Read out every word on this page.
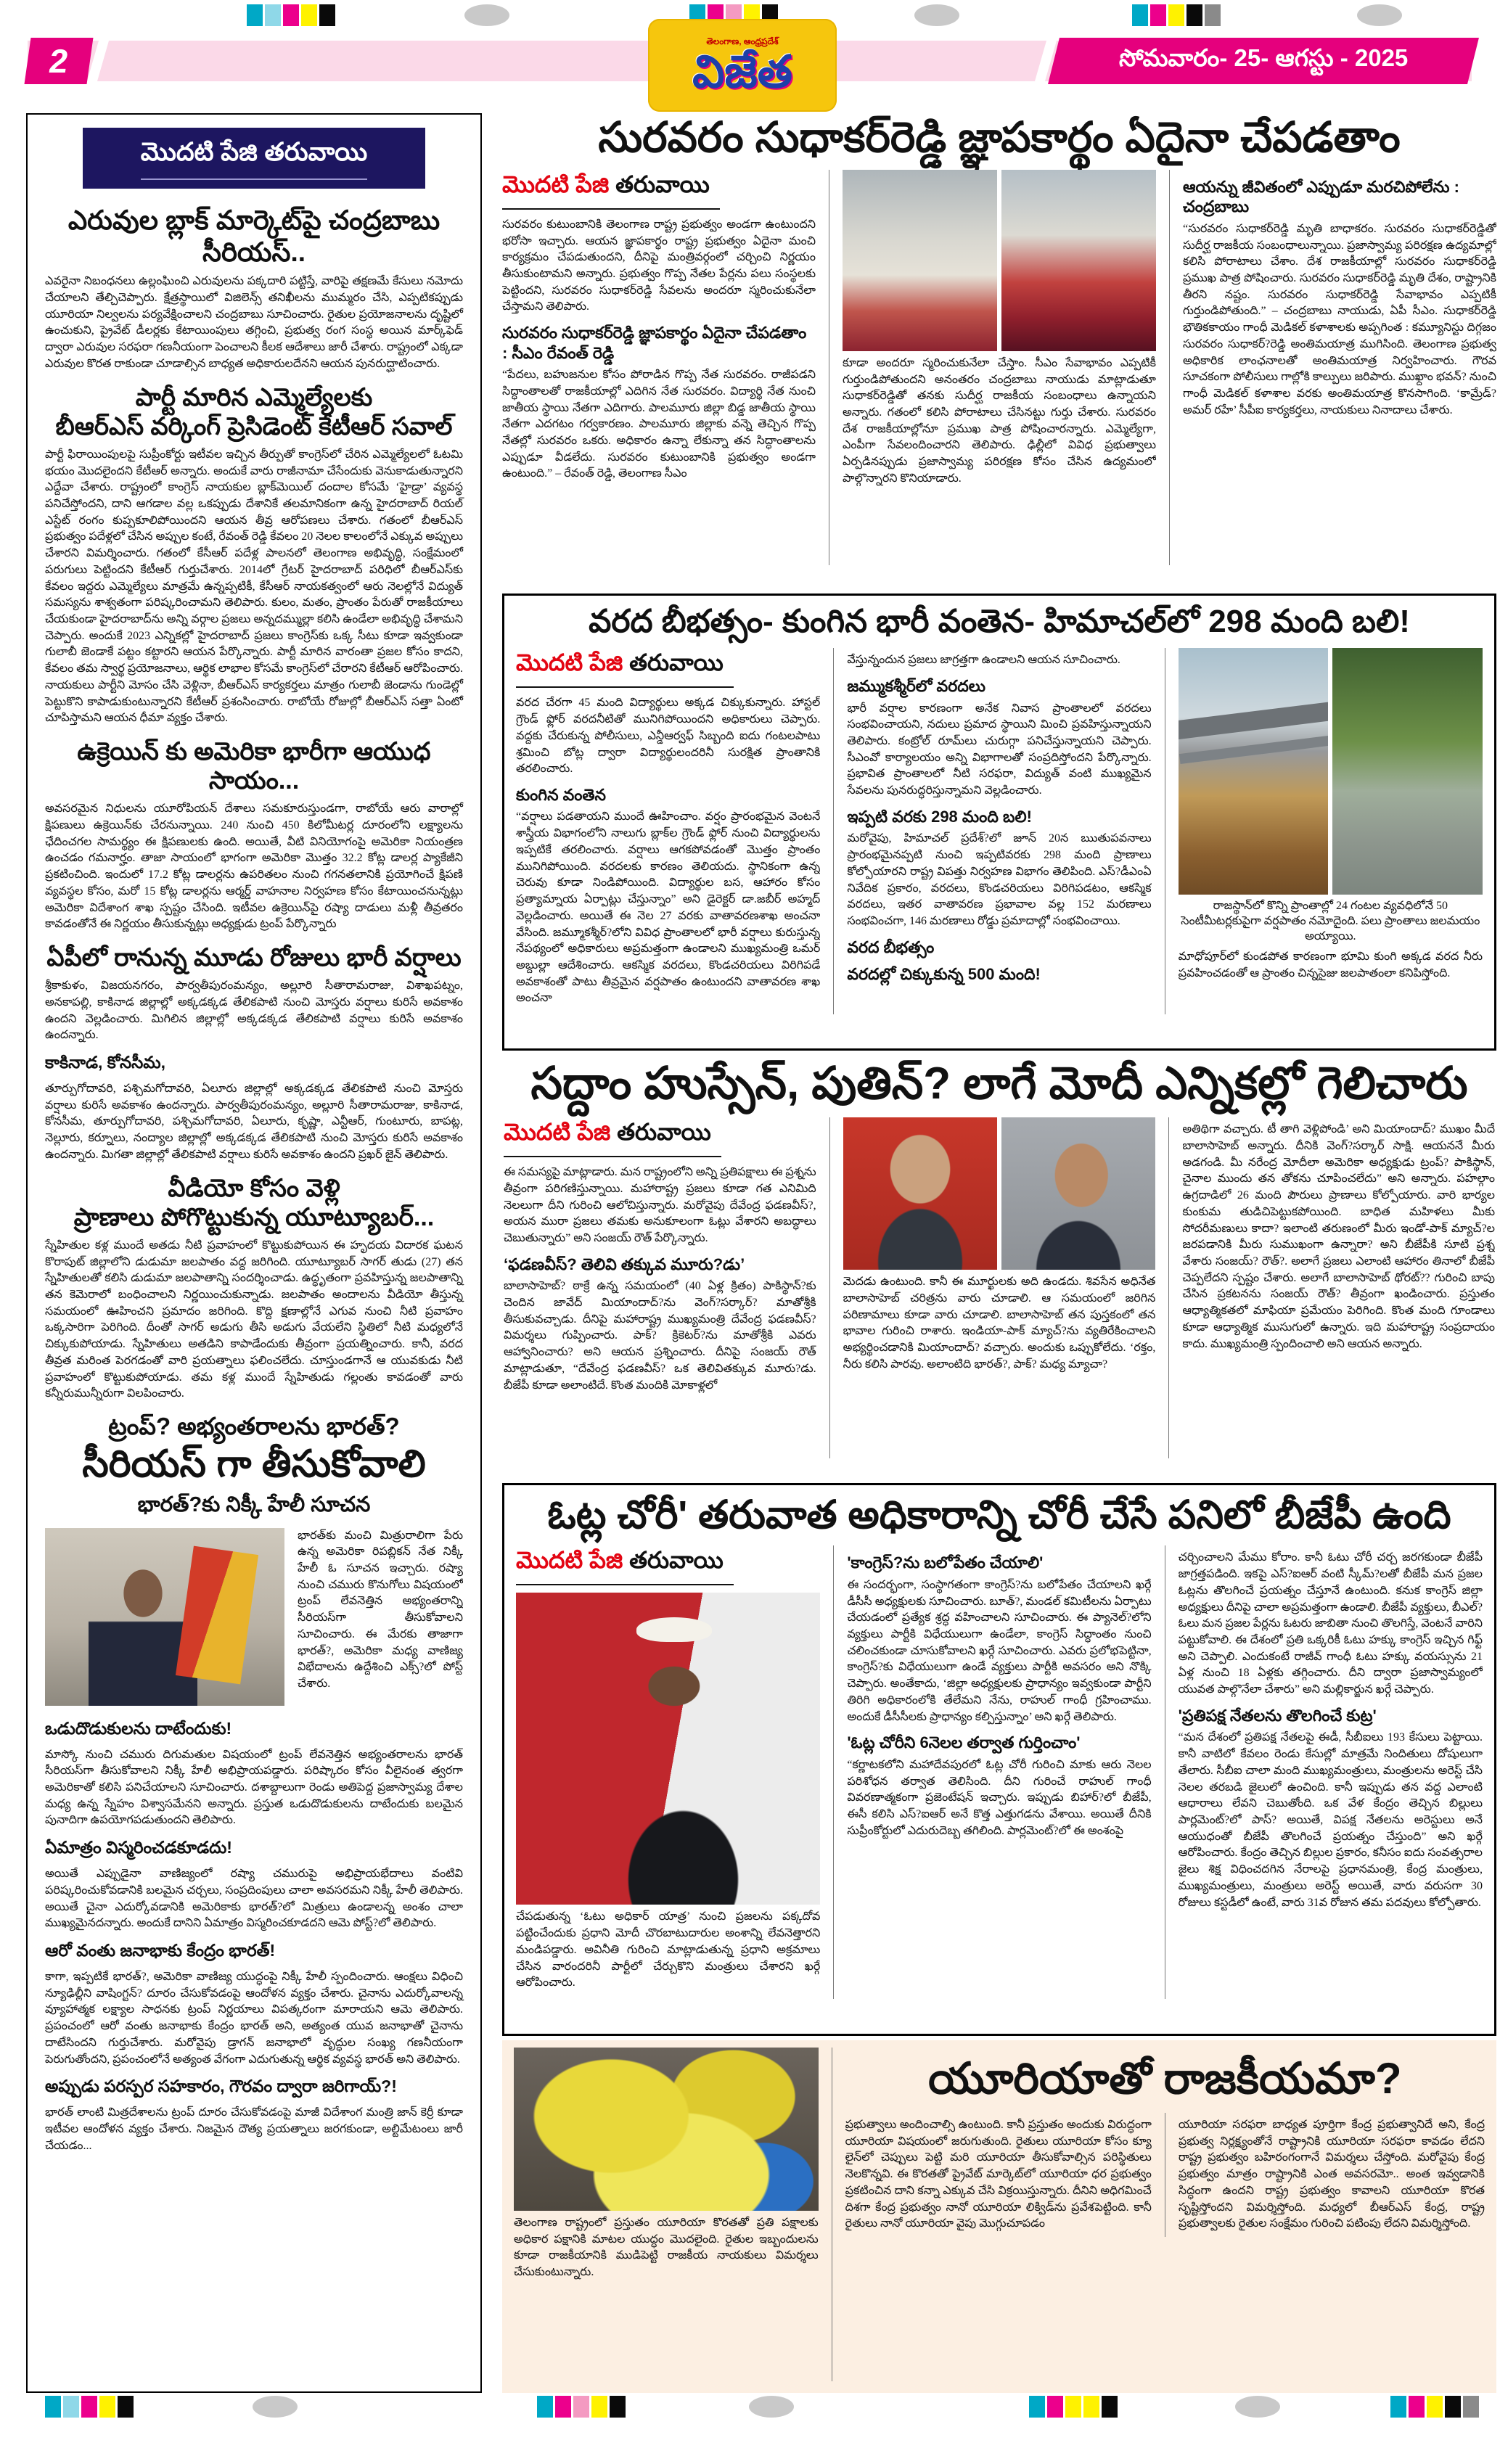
2	సోమవారం- 25- ఆగస్టు - 2025
తెలంగాణ, ఆంధ్రప్రదేశ్
విజేత
మొదటి పేజి తరువాయి
ఎరువుల బ్లాక్ మార్కెట్‌పై చంద్రబాబు సీరియస్..

ఎవరైనా నిబంధనలు ఉల్లంఘించి ఎరువులను పక్కదారి పట్టిస్తే, వారిపై తక్షణమే కేసులు నమోదు చేయాలని తేల్చిచెప్పారు. క్షేత్రస్థాయిలో విజిలెన్స్ తనిఖీలను ముమ్మరం చేసి, ఎప్పటికప్పుడు యూరియా నిల్వలను పర్యవేక్షించాలని చంద్రబాబు సూచించారు. రైతుల ప్రయోజనాలను దృష్టిలో ఉంచుకుని, ప్రైవేట్ డీలర్లకు కేటాయింపులు తగ్గించి, ప్రభుత్వ రంగ సంస్థ అయిన మార్క్‌ఫెడ్ ద్వారా ఎరువుల సరఫరా గణనీయంగా పెంచాలని కీలక ఆదేశాలు జారీ చేశారు. రాష్ట్రంలో ఎక్కడా ఎరువుల కొరత రాకుండా చూడాల్సిన బాధ్యత అధికారులదేనని ఆయన పునరుద్ఘాటించారు.

పార్టీ మారిన ఎమ్మెల్యేలకు
బీఆర్ఎస్ వర్కింగ్ ప్రెసిడెంట్ కేటీఆర్ సవాల్

పార్టీ ఫిరాయింపులపై సుప్రీంకోర్టు ఇటీవల ఇచ్చిన తీర్పుతో కాంగ్రెస్‌లో చేరిన ఎమ్మెల్యేలలో ఓటమి భయం మొదలైందని కేటీఆర్ అన్నారు. అందుకే వారు రాజీనామా చేసేందుకు వెనుకాడుతున్నారని ఎద్దేవా చేశారు. రాష్ట్రంలో కాంగ్రెస్ నాయకుల బ్లాక్‌మెయిల్ దందాల కోసమే ‘హైడ్రా’ వ్యవస్థ పనిచేస్తోందని, దాని ఆగడాల వల్ల ఒకప్పుడు దేశానికే తలమానికంగా ఉన్న హైదరాబాద్ రియల్ ఎస్టేట్ రంగం కుప్పకూలిపోయిందని ఆయన తీవ్ర ఆరోపణలు చేశారు. గతంలో బీఆర్ఎస్ ప్రభుత్వం పదేళ్లలో చేసిన అప్పుల కంటే, రేవంత్ రెడ్డి కేవలం 20 నెలల కాలంలోనే ఎక్కువ అప్పులు చేశారని విమర్శించారు. గతంలో కేసీఆర్ పదేళ్ల పాలనలో తెలంగాణ అభివృద్ధి, సంక్షేమంలో పరుగులు పెట్టిందని కేటీఆర్ గుర్తుచేశారు. 2014లో గ్రేటర్ హైదరాబాద్ పరిధిలో బీఆర్ఎస్‌కు కేవలం ఇద్దరు ఎమ్మెల్యేలు మాత్రమే ఉన్నప్పటికీ, కేసీఆర్ నాయకత్వంలో ఆరు నెలల్లోనే విద్యుత్ సమస్యను శాశ్వతంగా పరిష్కరించామని తెలిపారు. కులం, మతం, ప్రాంతం పేరుతో రాజకీయాలు చేయకుండా హైదరాబాద్‌ను అన్ని వర్గాల ప్రజలు అన్నదమ్ముల్లా కలిసి ఉండేలా అభివృద్ధి చేశామని చెప్పారు. అందుకే 2023 ఎన్నికల్లో హైదరాబాద్ ప్రజలు కాంగ్రెస్‌కు ఒక్క సీటు కూడా ఇవ్వకుండా గులాబీ జెండాకే పట్టం కట్టారని ఆయన పేర్కొన్నారు. పార్టీ మారిన వారంతా ప్రజల కోసం కాదని, కేవలం తమ స్వార్థ ప్రయోజనాలు, ఆర్థిక లాభాల కోసమే కాంగ్రెస్‌లో చేరారని కేటీఆర్ ఆరోపించారు. నాయకులు పార్టీని మోసం చేసి వెళ్లినా, బీఆర్ఎస్ కార్యకర్తలు మాత్రం గులాబీ జెండాను గుండెల్లో పెట్టుకొని కాపాడుకుంటున్నారని కేటీఆర్ ప్రశంసించారు. రాబోయే రోజుల్లో బీఆర్ఎస్ సత్తా ఏంటో చూపిస్తామని ఆయన ధీమా వ్యక్తం చేశారు.

ఉక్రెయిన్ కు అమెరికా భారీగా ఆయుధ సాయం...

అవసరమైన నిధులను యూరోపియన్ దేశాలు సమకూరుస్తుండగా, రాబోయే ఆరు వారాల్లో క్షిపణులు ఉక్రెయిన్‌కు చేరనున్నాయి. 240 నుంచి 450 కిలోమీటర్ల దూరంలోని లక్ష్యాలను ఛేదించగల సామర్థ్యం ఈ క్షిపణులకు ఉంది. అయితే, వీటి వినియోగంపై అమెరికా నియంత్రణ ఉంచడం గమనార్హం. తాజా సాయంలో భాగంగా అమెరికా మొత్తం 32.2 కోట్ల డాలర్ల ప్యాకేజీని ప్రకటించింది. ఇందులో 17.2 కోట్ల డాలర్లను ఉపరితలం నుంచి గగనతలానికి ప్రయోగించే క్షిపణి వ్యవస్థల కోసం, మరో 15 కోట్ల డాలర్లను ఆర్మర్డ్ వాహనాల నిర్వహణ కోసం కేటాయించనున్నట్లు అమెరికా విదేశాంగ శాఖ స్పష్టం చేసింది. ఇటీవల ఉక్రెయిన్‌పై రష్యా దాడులు మళ్లీ తీవ్రతరం కావడంతోనే ఈ నిర్ణయం తీసుకున్నట్లు అధ్యక్షుడు ట్రంప్ పేర్కొన్నారు

ఏపీలో రానున్న మూడు రోజులు భారీ వర్షాలు

శ్రీకాకుళం, విజయనగరం, పార్వతీపురంమన్యం, అల్లూరి సీతారామరాజు, విశాఖపట్నం, అనకాపల్లి, కాకినాడ జిల్లాల్లో అక్కడక్కడ తేలికపాటి నుంచి మోస్తరు వర్షాలు కురిసే అవకాశం ఉందని వెల్లడించారు. మిగిలిన జిల్లాల్లో అక్కడక్కడ తేలికపాటి వర్షాలు కురిసే అవకాశం ఉందన్నారు.

కాకినాడ, కోనసీమ,

తూర్పుగోదావరి, పశ్చిమగోదావరి, ఏలూరు జిల్లాల్లో అక్కడక్కడ తేలికపాటి నుంచి మోస్తరు వర్షాలు కురిసే అవకాశం ఉందన్నారు. పార్వతీపురంమన్యం, అల్లూరి సీతారామరాజు, కాకినాడ, కోనసీమ, తూర్పుగోదావరి, పశ్చిమగోదావరి, ఏలూరు, కృష్ణా, ఎన్టీఆర్, గుంటూరు, బాపట్ల, నెల్లూరు, కర్నూలు, నంద్యాల జిల్లాల్లో అక్కడక్కడ తేలికపాటి నుంచి మోస్తరు కురిసే అవకాశం ఉందన్నారు. మిగతా జిల్లాల్లో తేలికపాటి వర్షాలు కురిసే అవకాశం ఉందని ప్రఖర్ జైన్ తెలిపారు.

వీడియో కోసం వెళ్లి
ప్రాణాలు పోగొట్టుకున్న యూట్యూబర్...

స్నేహితుల కళ్ల ముందే అతడు నీటి ప్రవాహంలో కొట్టుకుపోయిన ఈ హృదయ విదారక ఘటన కొరాపుట్ జిల్లాలోని డుడుమా జలపాతం వద్ద జరిగింది. యూట్యూబర్ సాగర్ తుడు (27) తన స్నేహితులతో కలిసి డుడుమా జలపాతాన్ని సందర్శించాడు. ఉద్ధృతంగా ప్రవహిస్తున్న జలపాతాన్ని తన కెమెరాలో బంధించాలని నిర్ణయించుకున్నాడు. జలపాతం అందాలను వీడియో తీస్తున్న సమయంలో ఊహించని ప్రమాదం జరిగింది. కొద్ది క్షణాల్లోనే ఎగువ నుంచి నీటి ప్రవాహం ఒక్కసారిగా పెరిగింది. దీంతో సాగర్ అడుగు తీసి అడుగు వేయలేని స్థితిలో నీటి మధ్యలోనే చిక్కుకుపోయాడు. స్నేహితులు అతడిని కాపాడేందుకు తీవ్రంగా ప్రయత్నించారు. కానీ, వరద తీవ్రత మరింత పెరగడంతో వారి ప్రయత్నాలు ఫలించలేదు. చూస్తుండగానే ఆ యువకుడు నీటి ప్రవాహంలో కొట్టుకుపోయాడు. తమ కళ్ల ముందే స్నేహితుడు గల్లంతు కావడంతో వారు కన్నీరుమున్నీరుగా విలపించారు.

ట్రంప్? అభ్యంతరాలను భారత్?
సీరియస్ గా తీసుకోవాలి
భారత్?కు నిక్కీ హేలీ సూచన

భారత్‌కు మంచి మిత్రురాలిగా పేరు ఉన్న అమెరికా రిపబ్లికన్ నేత నిక్కీ హేలీ ఓ సూచన ఇచ్చారు. రష్యా నుంచి చమురు కొనుగోలు విషయంలో ట్రంప్ లేవనెత్తిన అభ్యంతరాన్ని సీరియస్‌గా తీసుకోవాలని సూచించారు. ఈ మేరకు తాజాగా భారత్?, అమెరికా మధ్య వాణిజ్య విభేదాలను ఉద్దేశించి ఎక్స్?లో పోస్ట్ చేశారు.

ఒడుదొడుకులను దాటేందుకు!

మాస్కో నుంచి చమురు దిగుమతుల విషయంలో ట్రంప్ లేవనెత్తిన అభ్యంతరాలను భారత్ సీరియస్‌గా తీసుకోవాలని నిక్కీ హేలీ అభిప్రాయపడ్డారు. పరిష్కారం కోసం వీలైనంత త్వరగా అమెరికాతో కలిసి పనిచేయాలని సూచించారు. దశాబ్దాలుగా రెండు అతిపెద్ద ప్రజాస్వామ్య దేశాల మధ్య ఉన్న స్నేహం విశ్వాసమేనని అన్నారు. ప్రస్తుత ఒడుదొడుకులను దాటేందుకు బలమైన పునాదిగా ఉపయోగపడుతుందని తెలిపారు.

ఏమాత్రం విస్మరించడకూడదు!

అయితే ఎప్పుడైనా వాణిజ్యంలో రష్యా చమురుపై అభిప్రాయభేదాలు వంటివి పరిష్కరించుకోవడానికి బలమైన చర్చలు, సంప్రదింపులు చాలా అవసరమని నిక్కీ హేలీ తెలిపారు. అయితే చైనా ఎదుర్కోవడానికి అమెరికాకు భారత్?లో మిత్రులు ఉండాలన్న అంశం చాలా ముఖ్యమైనదన్నారు. అందుకే దానిని ఏమాత్రం విస్మరించకూడదని ఆమె పోస్ట్?లో తెలిపారు.

ఆరో వంతు జనాభాకు కేంద్రం భారత్!

కాగా, ఇప్పటికే భారత్?, అమెరికా వాణిజ్య యుద్ధంపై నిక్కీ హేలీ స్పందించారు. ఆంక్షలు విధించి న్యూఢిల్లీని వాషింగ్టన్? దూరం చేసుకోవడంపై ఆందోళన వ్యక్తం చేశారు. చైనాను ఎదుర్కోవాలన్న వ్యూహాత్మక లక్ష్యాల సాధనకు ట్రంప్ నిర్ణయాలు విపత్కరంగా మారాయని ఆమె తెలిపారు. ప్రపంచంలో ఆరో వంతు జనాభాకు కేంద్రం భారత్ అని, అత్యంత యువ జనాభాతో చైనాను దాటేసిందని గుర్తుచేశారు. మరోవైపు డ్రాగన్ జనాభాలో వృద్ధుల సంఖ్య గణనీయంగా పెరుగుతోందని, ప్రపంచంలోనే అత్యంత వేగంగా ఎదుగుతున్న ఆర్థిక వ్యవస్థ భారత్ అని తెలిపారు.

అప్పుడు పరస్పర సహకారం, గౌరవం ద్వారా జరిగాయ్?!

భారత్ లాంటి మిత్రదేశాలను ట్రంప్ దూరం చేసుకోవడంపై మాజీ విదేశాంగ మంత్రి జాన్ కెర్రీ కూడా ఇటీవల ఆందోళన వ్యక్తం చేశారు. నిజమైన దౌత్య ప్రయత్నాలు జరగకుండా, అల్టిమేటంలు జారీ చేయడం...

సురవరం సుధాకర్‌రెడ్డి జ్ఞాపకార్థం ఏదైనా చేపడతాం
మొదటి పేజి తరువాయి

సురవరం కుటుంబానికి తెలంగాణ రాష్ట్ర ప్రభుత్వం అండగా ఉంటుందని భరోసా ఇచ్చారు. ఆయన జ్ఞాపకార్థం రాష్ట్ర ప్రభుత్వం ఏదైనా మంచి కార్యక్రమం చేపడుతుందని, దీనిపై మంత్రివర్గంలో చర్చించి నిర్ణయం తీసుకుంటామని అన్నారు. ప్రభుత్వం గొప్ప నేతల పేర్లను పలు సంస్థలకు పెట్టిందని, సురవరం సుధాకర్‌రెడ్డి సేవలను అందరూ స్మరించుకునేలా చేస్తామని తెలిపారు.

సురవరం సుధాకర్‌రెడ్డి జ్ఞాపకార్థం ఏదైనా చేపడతాం : సీఎం రేవంత్ రెడ్డి

“పేదలు, బహుజనుల కోసం పోరాడిన గొప్ప నేత సురవరం. రాజీపడని సిద్ధాంతాలతో రాజకీయాల్లో ఎదిగిన నేత సురవరం. విద్యార్థి నేత నుంచి జాతీయ స్థాయి నేతగా ఎదిగారు. పాలమూరు జిల్లా బిడ్డ జాతీయ స్థాయి నేతగా ఎదగటం గర్వకారణం. పాలమూరు జిల్లాకు వన్నె తెచ్చిన గొప్ప నేతల్లో సురవరం ఒకరు. అధికారం ఉన్నా లేకున్నా తన సిద్ధాంతాలను ఎప్పుడూ వీడలేదు. సురవరం కుటుంబానికి ప్రభుత్వం అండగా ఉంటుంది.” – రేవంత్ రెడ్డి, తెలంగాణ సీఎం

కూడా అందరూ స్మరించుకునేలా చేస్తాం. సీఎం సేవాభావం ఎప్పటికీ గుర్తుండిపోతుందని అనంతరం చంద్రబాబు నాయుడు మాట్లాడుతూ సుధాకర్‌రెడ్డితో తనకు సుదీర్ఘ రాజకీయ సంబంధాలు ఉన్నాయని అన్నారు. గతంలో కలిసి పోరాటాలు చేసినట్టు గుర్తు చేశారు. సురవరం దేశ రాజకీయాల్లోనూ ప్రముఖ పాత్ర పోషించారన్నారు. ఎమ్మెల్యేగా, ఎంపీగా సేవలందించారని తెలిపారు. ఢిల్లీలో వివిధ ప్రభుత్వాలు ఏర్పడినప్పుడు ప్రజాస్వామ్య పరిరక్షణ కోసం చేసిన ఉద్యమంలో పాల్గొన్నారని కొనియాడారు.

ఆయన్ను జీవితంలో ఎప్పుడూ మరచిపోలేను : చంద్రబాబు

“సురవరం సుధాకర్‌రెడ్డి మృతి బాధాకరం. సురవరం సుధాకర్‌రెడ్డితో సుదీర్ఘ రాజకీయ సంబంధాలున్నాయి. ప్రజాస్వామ్య పరిరక్షణ ఉద్యమాల్లో కలిసి పోరాటాలు చేశాం. దేశ రాజకీయాల్లో సురవరం సుధాకర్‌రెడ్డి ప్రముఖ పాత్ర పోషించారు. సురవరం సుధాకర్‌రెడ్డి మృతి దేశం, రాష్ట్రానికి తీరని నష్టం. సురవరం సుధాకర్‌రెడ్డి సేవాభావం ఎప్పటికీ గుర్తుండిపోతుంది.” – చంద్రబాబు నాయుడు, ఏపీ సీఎం. సుధాకర్‌రెడ్డి భౌతికకాయం గాంధీ మెడికల్ కళాశాలకు అప్పగింత : కమ్యూనిస్టు దిగ్గజం సురవరం సుధాకర్?రెడ్డి అంతిమయాత్ర ముగిసింది. తెలంగాణ ప్రభుత్వ అధికారిక లాంఛనాలతో అంతిమయాత్ర నిర్వహించారు. గౌరవ సూచకంగా పోలీసులు గాల్లోకి కాల్పులు జరిపారు. ముఖ్దాం భవన్? నుంచి గాంధీ మెడికల్ కళాశాల వరకు అంతిమయాత్ర కొనసాగింది. ‘కామ్రేడ్? అమర్ రహే’ సీపీఐ కార్యకర్తలు, నాయకులు నినాదాలు చేశారు.

వరద బీభత్సం- కుంగిన భారీ వంతెన- హిమాచల్‌లో 298 మంది బలి!
మొదటి పేజి తరువాయి

వరద చేరగా 45 మంది విద్యార్థులు అక్కడ చిక్కుకున్నారు. హాస్టల్ గ్రౌండ్ ఫ్లోర్ వరదనీటితో మునిగిపోయిందని అధికారులు చెప్పారు. వద్దకు చేరుకున్న పోలీసులు, ఎన్డీఆర్వఫ్ సిబ్బంది ఐదు గంటలపాటు శ్రమించి బోట్ల ద్వారా విద్యార్థులందరినీ సురక్షిత ప్రాంతానికి తరలించారు.

కుంగిన వంతెన

“వర్షాలు పడతాయని ముందే ఊహించాం. వర్షం ప్రారంభమైన వెంటనే శాస్త్రీయ విభాగంలోని నాలుగు బ్లాక్‌ల గ్రౌండ్ ఫ్లోర్ నుంచి విద్యార్థులను ఇప్పటికే తరలించారు. వర్షాలు ఆగకపోవడంతో మొత్తం ప్రాంతం మునిగిపోయింది. వరదలకు కారణం తెలియదు. స్థానికంగా ఉన్న చెరువు కూడా నిండిపోయింది. విద్యార్థుల బస, ఆహారం కోసం ప్రత్యామ్నాయ ఏర్పాట్లు చేస్తున్నాం” అని డైరెక్టర్ డా.జబీర్ అహ్మద్ వెల్లడించారు. అయితే ఈ నెల 27 వరకు వాతావరణశాఖ అంచనా వేసింది. జమ్మూకశ్మీర్?లోని వివిధ ప్రాంతాలలో భారీ వర్షాలు కురుస్తున్న నేపథ్యంలో అధికారులు అప్రమత్తంగా ఉండాలని ముఖ్యమంత్రి ఒమర్ అబ్దుల్లా ఆదేశించారు. ఆకస్మిక వరదలు, కొండచరియలు విరిగిపడే అవకాశంతో పాటు తీవ్రమైన వర్షపాతం ఉంటుందని వాతావరణ శాఖ అంచనా

వేస్తున్నందున ప్రజలు జాగ్రత్తగా ఉండాలని ఆయన సూచించారు.

జమ్ముకశ్మీర్‌లో వరదలు

భారీ వర్షాల కారణంగా అనేక నివాస ప్రాంతాలలో వరదలు సంభవించాయని, నదులు ప్రమాద స్థాయిని మించి ప్రవహిస్తున్నాయని తెలిపారు. కంట్రోల్ రూమ్‌లు చురుగ్గా పనిచేస్తున్నాయని చెప్పారు. సీఎంవో కార్యాలయం అన్ని విభాగాలతో సంప్రదిస్తోందని పేర్కొన్నారు. ప్రభావిత ప్రాంతాలలో నీటి సరఫరా, విద్యుత్ వంటి ముఖ్యమైన సేవలను పునరుద్ధరిస్తున్నామని వెల్లడించారు.

ఇప్పటి వరకు 298 మంది బలి!

మరోవైపు, హిమాచల్ ప్రదేశ్?లో జూన్ 20న ఋతుపవనాలు ప్రారంభమైనప్పటి నుంచి ఇప్పటివరకు 298 మంది ప్రాణాలు కోల్పోయారని రాష్ట్ర విపత్తు నిర్వహణ విభాగం తెలిపింది. ఎస్?డీఎంఏ నివేదిక ప్రకారం, వరదలు, కొండచరియలు విరిగిపడటం, ఆకస్మిక వరదలు, ఇతర వాతావరణ ప్రభావాల వల్ల 152 మరణాలు సంభవించగా, 146 మరణాలు రోడ్డు ప్రమాదాల్లో సంభవించాయి.

వరద బీభత్సం
వరదల్లో చిక్కుకున్న 500 మంది!
రాజస్థాన్‌లో కొన్ని ప్రాంతాల్లో 24 గంటల వ్యవధిలోనే 50 సెంటీమీటర్లకుపైగా వర్షపాతం నమోదైంది. పలు ప్రాంతాలు జలమయం అయ్యాయి.

మాధోపూర్‌లో కుండపోత కారణంగా భూమి కుంగి అక్కడ వరద నీరు ప్రవహించడంతో ఆ ప్రాంతం చిన్నసైజు జలపాతంలా కనిపిస్తోంది.

సద్దాం హుస్సేన్, పుతిన్? లాగే మోదీ ఎన్నికల్లో గెలిచారు
మొదటి పేజి తరువాయి

ఈ సమస్యపై మాట్లాడారు. మన రాష్ట్రంలోని అన్ని ప్రతిపక్షాలు ఈ ప్రశ్నను తీవ్రంగా పరిగణిస్తున్నాయి. మహారాష్ట్ర ప్రజలు కూడా గత ఎనిమిది నెలలుగా దీని గురించి ఆలోచిస్తున్నారు. మరోవైపు దేవేంద్ర ఫడణవీస్?, అయన మురా ప్రజలు తమకు అనుకూలంగా ఓట్లు వేశారని అబద్ధాలు చెబుతున్నారు” అని సంజయ్ రౌత్ పేర్కొన్నారు.

‘ఫడణవీస్? తెలివి తక్కువ మూరు?డు’

బాలాసాహెబ్? ఠాక్రే ఉన్న సమయంలో (40 ఏళ్ల క్రితం) పాకిస్థాన్?కు చెందిన జావేద్ మియాందాద్?ను వెంగ్?సర్కార్? మాతోశ్రీకి తీసుకువచ్చాడు. దీనిపై మహారాష్ట్ర ముఖ్యమంత్రి దేవేంద్ర ఫడణవీస్? విమర్శలు గుప్పించారు. పాక్? క్రికెటర్?ను మాతోశ్రీకి ఎవరు ఆహ్వానించారు? అని ఆయన ప్రశ్నించారు. దీనిపై సంజయ్ రౌత్ మాట్లాడుతూ, “దేవేంద్ర ఫడణవీస్? ఒక తెలివితక్కువ మూరు?డు. బీజేపీ కూడా అలాంటిదే. కొంత మందికి మోకాళ్లలో

మెదడు ఉంటుంది. కానీ ఈ మూర్ఖులకు అది ఉండదు. శివసేన అధినేత బాలాసాహెబ్ చరిత్రను వారు చూడాలి. ఆ సమయంలో జరిగిన పరిణామాలు కూడా వారు చూడాలి. బాలాసాహెబ్ తన పుస్తకంలో తన భావాల గురించి రాశారు. ఇండియా-పాక్ మ్యాచ్?ను వ్యతిరేకించాలని అభ్యర్థించడానికి మియాందాద్? వచ్చారు. అందుకు ఒప్పుకోలేదు. ‘రక్తం, నీరు కలిసి పారవు. అలాంటిది భారత్?, పాక్? మధ్య మ్యాచా?

అతిథిగా వచ్చారు. టీ తాగి వెళ్లిపోండి’ అని మియాందాద్? ముఖం మీదే బాలాసాహెబ్ అన్నారు. దీనికి వెంగ్?సర్కార్ సాక్షి. ఆయననే మీరు అడగండి. మీ నరేంద్ర మోదీలా అమెరికా అధ్యక్షుడు ట్రంప్? పాకిస్థాన్, చైనాల ముందు తన తోకను చూపించలేదు” అని అన్నారు. పహల్గాం ఉగ్రదాడిలో 26 మంది పౌరులు ప్రాణాలు కోల్పోయారు. వారి భార్యల కుంకుమ తుడిచిపెట్టుకపోయింది. బాధిత మహిళలు మీకు సోదరీమణులు కాదా? ఇలాంటి తరుణంలో మీరు ఇండో-పాక్ మ్యాచ్?ల జరపడానికి మీరు సుముఖంగా ఉన్నారా? అని బీజేపీకి సూటి ప్రశ్న వేశారు సంజయ్? రౌత్?. అలాగే ప్రజలు ఎలాంటి ఆహారం తినాలో బీజేపీ చెప్పలేదని స్పష్టం చేశారు. అలాగే బాలాసాహెబ్ థోరట్?? గురించి బాపు చేసిన ప్రకటనను సంజయ్ రౌత్? తీవ్రంగా ఖండించారు. ప్రస్తుతం ఆధ్యాత్మికతలో మాఫియా ప్రమేయం పెరిగింది. కొంత మంది గూండాలు కూడా ఆధ్యాత్మిక ముసుగులో ఉన్నారు. ఇది మహారాష్ట్ర సంప్రదాయం కాదు. ముఖ్యమంత్రి స్పందించాలి అని ఆయన అన్నారు.

ఓట్ల చోరీ' తరువాత అధికారాన్ని చోరీ చేసే పనిలో బీజేపీ ఉంది
మొదటి పేజి తరువాయి

చేపడుతున్న ‘ఓటు అధికార్ యాత్ర’ నుంచి ప్రజలను పక్కదోవ పట్టించేందుకు ప్రధాని మోదీ చొరబాటుదారుల అంశాన్ని లేవనెత్తారని మండిపడ్డారు. అవినీతి గురించి మాట్లాడుతున్న ప్రధాని అక్రమాలు చేసిన వారందరినీ పార్టీలో చేర్చుకొని మంత్రులు చేశారని ఖర్గే ఆరోపించారు.

'కాంగ్రెస్?ను బలోపేతం చేయాలి'

ఈ సందర్భంగా, సంస్థాగతంగా కాంగ్రెస్?ను బలోపేతం చేయాలని ఖర్గే డీసీసీ అధ్యక్షులకు సూచించారు. బూత్?, మండల్ కమిటీలను ఏర్పాటు చేయడంలో ప్రత్యేక శ్రద్ధ వహించాలని సూచించారు. ఈ ప్యానెల్?లోని వ్యక్తులు పార్టీకి విధేయులుగా ఉండేలా, కాంగ్రెస్ సిద్ధాంతం నుంచి చలించకుండా చూసుకోవాలని ఖర్గే సూచించారు. ఎవరు ప్రలోభపెట్టినా, కాంగ్రెస్?కు విధేయులుగా ఉండే వ్యక్తులు పార్టీకి అవసరం అని నొక్కి చెప్పారు. అంతేకాదు, ‘జిల్లా అధ్యక్షులకు ప్రాధాన్యం ఇవ్వకుండా పార్టీని తిరిగి అధికారంలోకి తేలేమని నేను, రాహుల్ గాంధీ గ్రహించాము. అందుకే డీసీసీలకు ప్రాధాన్యం కల్పిస్తున్నాం’ అని ఖర్గే తెలిపారు.

'ఓట్ల చోరీని 6నెలల తర్వాత గుర్తించాం'

“కర్ణాటకలోని మహాదేవపురలో ఓట్ల చోరీ గురించి మాకు ఆరు నెలల పరిశోధన తర్వాత తెలిసింది. దీని గురించే రాహుల్ గాంధీ వివరణాత్మకంగా ప్రజెంటేషన్ ఇచ్చారు. ఇప్పుడు బిహార్?లో బీజేపీ, ఈసీ కలిసి ఎస్?ఐఆర్ అనే కొత్త ఎత్తుగడను వేశాయి. అయితే దీనికి సుప్రీంకోర్టులో ఎదురుదెబ్బ తగిలింది. పార్లమెంట్?లో ఈ అంశంపై

చర్చించాలని మేము కోరాం. కానీ ఓటు చోరీ చర్చ జరగకుండా బీజేపీ జాగ్రత్తపడింది. ఇకపై ఎస్?ఐఆర్ వంటి స్కీమ్?లతో బీజేపీ మన ప్రజల ఓట్లను తొలగించే ప్రయత్నం చేస్తూనే ఉంటుంది. కనుక కాంగ్రెస్ జిల్లా అధ్యక్షులు దీనిపై చాలా అప్రమత్తంగా ఉండాలి. బీజేపీ వ్యక్తులు, బీఎల్?ఓలు మన ప్రజల పేర్లను ఓటరు జాబితా నుంచి తొలగిస్తే, వెంటనే వారిని పట్టుకోవాలి. ఈ దేశంలో ప్రతి ఒక్కరికీ ఓటు హక్కు కాంగ్రెస్ ఇచ్చిన గిఫ్ట్ అని చెప్పాలి. ఎందుకంటే రాజీవ్ గాంధీ ఓటు హక్కు వయస్సును 21 ఏళ్ల నుంచి 18 ఏళ్లకు తగ్గించారు. దీని ద్వారా ప్రజాస్వామ్యంలో యువత పాల్గొనేలా చేశారు” అని మల్లికార్జున ఖర్గే చెప్పారు.

'ప్రతిపక్ష నేతలను తొలగించే కుట్ర'

“మన దేశంలో ప్రతిపక్ష నేతలపై ఈడీ, సీబీఐలు 193 కేసులు పెట్టాయి. కానీ వాటిలో కేవలం రెండు కేసుల్లో మాత్రమే నిందితులు దోషులుగా తేలారు. సీబీఐ చాలా మంది ముఖ్యమంత్రులు, మంత్రులను అరెస్ట్ చేసి నెలల తరబడి జైలులో ఉంచింది. కానీ ఇప్పుడు తన వద్ద ఎలాంటి ఆధారాలు లేవని చెబుతోంది. ఒక వేళ కేంద్రం తెచ్చిన బిల్లులు పార్లమెంట్?లో పాస్? అయితే, విపక్ష నేతలను అరెస్టులు అనే ఆయుధంతో బీజేపీ తొలగించే ప్రయత్నం చేస్తుంది” అని ఖర్గే ఆరోపించారు. కేంద్రం తెచ్చిన బిల్లుల ప్రకారం, కనీసం ఐదు సంవత్సరాల జైలు శిక్ష విధించదగిన నేరాలపై ప్రధానమంత్రి, కేంద్ర మంత్రులు, ముఖ్యమంత్రులు, మంత్రులు అరెస్ట్ అయితే, వారు వరుసగా 30 రోజులు కస్టడీలో ఉంటే, వారు 31వ రోజున తమ పదవులు కోల్పోతారు.

తెలంగాణ రాష్ట్రంలో ప్రస్తుతం యూరియా కొరతతో ప్రతి పక్షాలకు అధికార పక్షానికి మాటల యుద్ధం మొదలైంది. రైతుల ఇబ్బందులను కూడా రాజకీయానికి ముడిపెట్టి రాజకీయ నాయకులు విమర్శలు చేసుకుంటున్నారు.

యూరియాతో రాజకీయమా?

ప్రభుత్వాలు అందించాల్సి ఉంటుంది. కానీ ప్రస్తుతం అందుకు విరుద్ధంగా యూరియా విషయంలో జరుగుతుంది. రైతులు యూరియా కోసం క్యూ లైన్‌లో చెప్పులు పెట్టి మరి యూరియా తీసుకోవాల్సిన పరిస్థితులు నెలకొన్నవి. ఈ కొరతతో ప్రైవేట్ మార్కెట్‌లో యూరియా ధర ప్రభుత్వం ప్రకటించిన దాని కన్నా ఎక్కువ చేసి విక్రయిస్తున్నారు. దీనిని అధిగమించే దిశగా కేంద్ర ప్రభుత్వం నానో యూరియా లిక్విడ్‌ను ప్రవేశపెట్టింది. కానీ రైతులు నానో యూరియా వైపు మొగ్గుచూపడం

యూరియా సరఫరా బాధ్యత పూర్తిగా కేంద్ర ప్రభుత్వానిదే అని, కేంద్ర ప్రభుత్వ నిర్లక్ష్యంతోనే రాష్ట్రానికి యూరియా సరఫరా కావడం లేదని రాష్ట్ర ప్రభుత్వం బహిరంగంగానే విమర్శలు చేస్తోంది. మరోవైపు కేంద్ర ప్రభుత్వం మాత్రం రాష్ట్రానికి ఎంత అవసరమో.. అంత ఇవ్వడానికి సిద్ధంగా ఉందని రాష్ట్ర ప్రభుత్వం కావాలని యూరియా కొరత సృష్టిస్తోందని విమర్శిస్తోంది. మధ్యలో బీఆర్ఎస్ కేంద్ర, రాష్ట్ర ప్రభుత్వాలకు రైతుల సంక్షేమం గురించి పటింపు లేదని విమర్శిస్తోంది.
